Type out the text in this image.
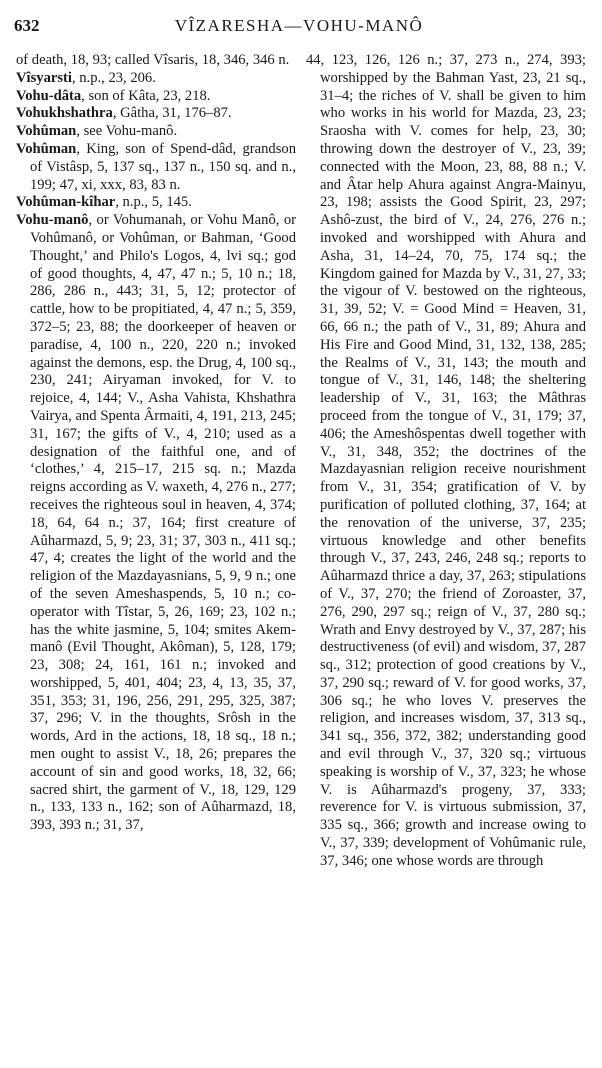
632	VÎZARESHA—VOHU-MANÔ

of death, 18, 93; called Vîsaris, 18, 346, 346 n.

Vîsyarsti, n.p., 23, 206.

Vohu-dâta, son of Kâta, 23, 218.

Vohukhshathra, Gâtha, 31, 176–87.

Vohûman, see Vohu-manô.

Vohûman, King, son of Spend-dâd, grandson of Vistâsp, 5, 137 sq., 137 n., 150 sq. and n., 199; 47, xi, xxx, 83, 83 n.

Vohûman-kîhar, n.p., 5, 145.

Vohu-manô, or Vohumanah, or Vohu Manô, or Vohûmanô, or Vohûman, or Bahman, ‘Good Thought,’ and Philo's Logos, 4, lvi sq.; god of good thoughts, 4, 47, 47 n.; 5, 10 n.; 18, 286, 286 n., 443; 31, 5, 12; protector of cattle, how to be propitiated, 4, 47 n.; 5, 359, 372–5; 23, 88; the doorkeeper of heaven or paradise, 4, 100 n., 220, 220 n.; invoked against the demons, esp. the Drug, 4, 100 sq., 230, 241; Airyaman invoked, for V. to rejoice, 4, 144; V., Asha Vahista, Khshathra Vairya, and Spenta Ârmaiti, 4, 191, 213, 245; 31, 167; the gifts of V., 4, 210; used as a designation of the faithful one, and of ‘clothes,’ 4, 215–17, 215 sq. n.; Mazda reigns according as V. waxeth, 4, 276 n., 277; receives the righteous soul in heaven, 4, 374; 18, 64, 64 n.; 37, 164; first creature of Aûharmazd, 5, 9; 23, 31; 37, 303 n., 411 sq.; 47, 4; creates the light of the world and the religion of the Mazdayasnians, 5, 9, 9 n.; one of the seven Ameshaspends, 5, 10 n.; co-operator with Tîstar, 5, 26, 169; 23, 102 n.; has the white jasmine, 5, 104; smites Akem-manô (Evil Thought, Akôman), 5, 128, 179; 23, 308; 24, 161, 161 n.; invoked and worshipped, 5, 401, 404; 23, 4, 13, 35, 37, 351, 353; 31, 196, 256, 291, 295, 325, 387; 37, 296; V. in the thoughts, Srôsh in the words, Ard in the actions, 18, 18 sq., 18 n.; men ought to assist V., 18, 26; prepares the account of sin and good works, 18, 32, 66; sacred shirt, the garment of V., 18, 129, 129 n., 133, 133 n., 162; son of Aûharmazd, 18, 393, 393 n.; 31, 37,

44, 123, 126, 126 n.; 37, 273 n., 274, 393; worshipped by the Bahman Yast, 23, 21 sq., 31–4; the riches of V. shall be given to him who works in his world for Mazda, 23, 23; Sraosha with V. comes for help, 23, 30; throwing down the destroyer of V., 23, 39; connected with the Moon, 23, 88, 88 n.; V. and Âtar help Ahura against Angra-Mainyu, 23, 198; assists the Good Spirit, 23, 297; Ashô-zust, the bird of V., 24, 276, 276 n.; invoked and worshipped with Ahura and Asha, 31, 14–24, 70, 75, 174 sq.; the Kingdom gained for Mazda by V., 31, 27, 33; the vigour of V. bestowed on the righteous, 31, 39, 52; V. = Good Mind = Heaven, 31, 66, 66 n.; the path of V., 31, 89; Ahura and His Fire and Good Mind, 31, 132, 138, 285; the Realms of V., 31, 143; the mouth and tongue of V., 31, 146, 148; the sheltering leadership of V., 31, 163; the Mâthras proceed from the tongue of V., 31, 179; 37, 406; the Ameshôspentas dwell together with V., 31, 348, 352; the doctrines of the Mazdayasnian religion receive nourishment from V., 31, 354; gratification of V. by purification of polluted clothing, 37, 164; at the renovation of the universe, 37, 235; virtuous knowledge and other benefits through V., 37, 243, 246, 248 sq.; reports to Aûharmazd thrice a day, 37, 263; stipulations of V., 37, 270; the friend of Zoroaster, 37, 276, 290, 297 sq.; reign of V., 37, 280 sq.; Wrath and Envy destroyed by V., 37, 287; his destructiveness (of evil) and wisdom, 37, 287 sq., 312; protection of good creations by V., 37, 290 sq.; reward of V. for good works, 37, 306 sq.; he who loves V. preserves the religion, and increases wisdom, 37, 313 sq., 341 sq., 356, 372, 382; understanding good and evil through V., 37, 320 sq.; virtuous speaking is worship of V., 37, 323; he whose V. is Aûharmazd's progeny, 37, 333; reverence for V. is virtuous submission, 37, 335 sq., 366; growth and increase owing to V., 37, 339; development of Vohûmanic rule, 37, 346; one whose words are through
